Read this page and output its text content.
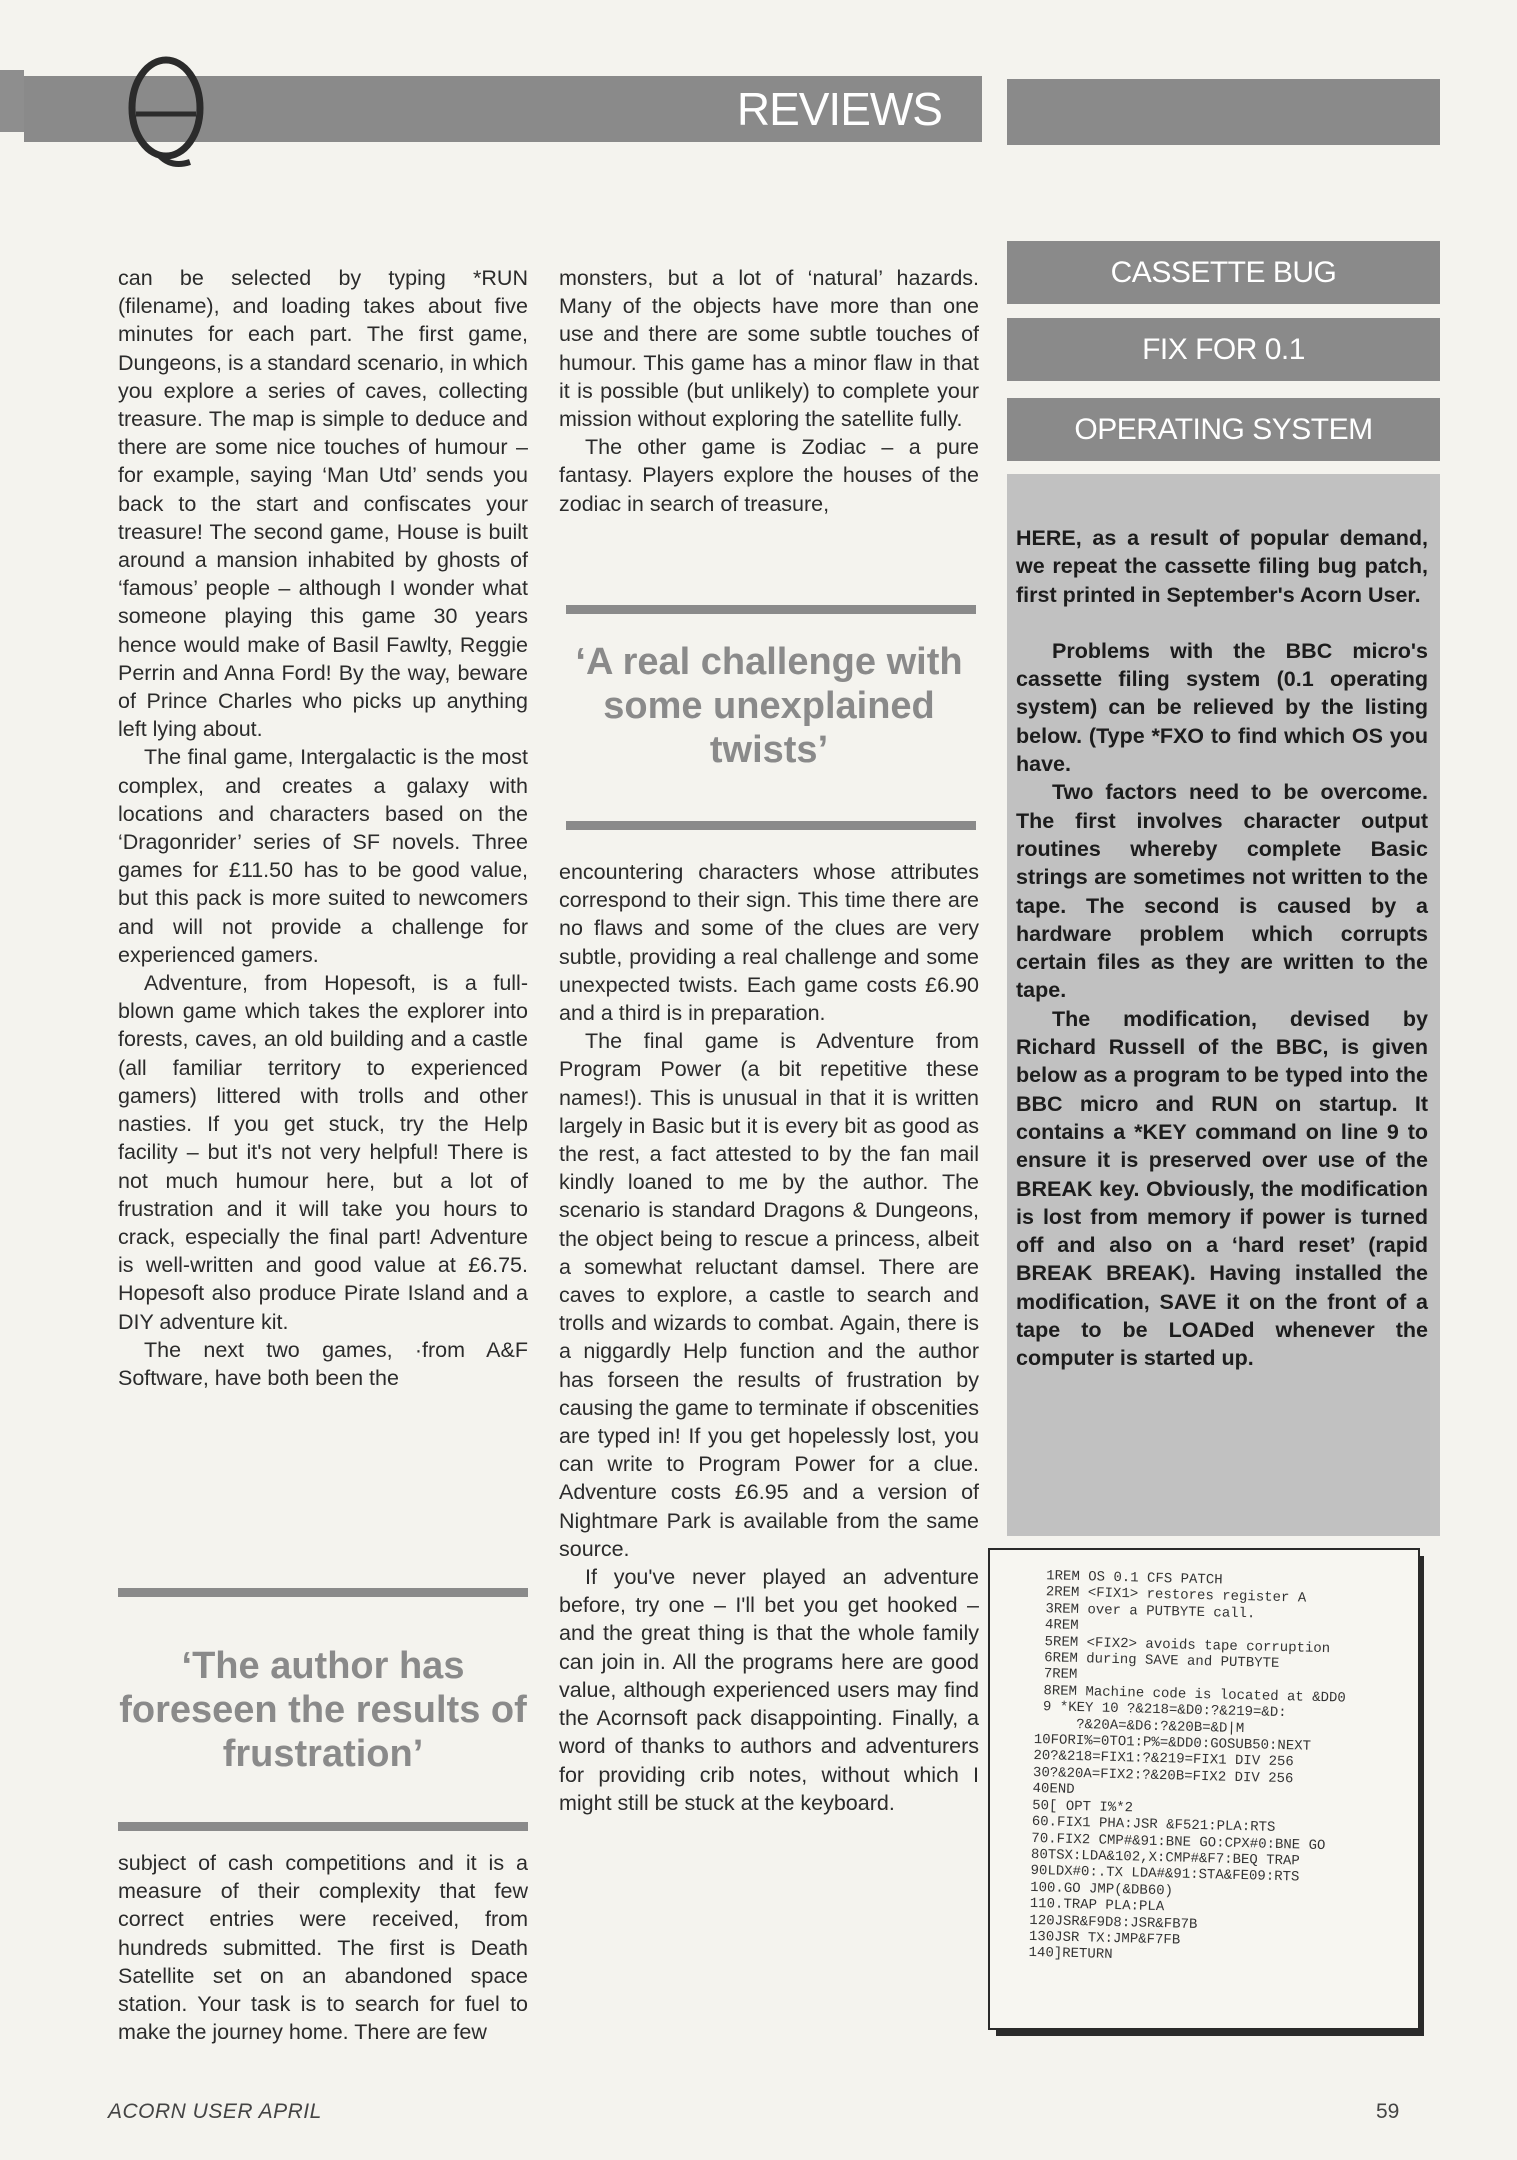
REVIEWS

can be selected by typing *RUN (filename), and loading takes about five minutes for each part. The first game, Dungeons, is a standard scenario, in which you explore a series of caves, collecting treasure. The map is simple to deduce and there are some nice touches of humour – for example, saying ‘Man Utd’ sends you back to the start and confiscates your treasure! The second game, House is built around a mansion inhabited by ghosts of ‘famous’ people – although I wonder what someone playing this game 30 years hence would make of Basil Fawlty, Reggie Perrin and Anna Ford! By the way, beware of Prince Charles who picks up anything left lying about.

The final game, Intergalactic is the most complex, and creates a galaxy with locations and characters based on the ‘Dragonrider’ series of SF novels. Three games for £11.50 has to be good value, but this pack is more suited to newcomers and will not provide a challenge for experienced gamers.

Adventure, from Hopesoft, is a full-blown game which takes the explorer into forests, caves, an old building and a castle (all familiar territory to experienced gamers) littered with trolls and other nasties. If you get stuck, try the Help facility – but it's not very helpful! There is not much humour here, but a lot of frustration and it will take you hours to crack, especially the final part! Adventure is well-written and good value at £6.75. Hopesoft also produce Pirate Island and a DIY adventure kit.

The next two games, ·from A&F Software, have both been the

‘The author has foreseen the results of frustration’

subject of cash competitions and it is a measure of their complexity that few correct entries were received, from hundreds submitted. The first is Death Satellite set on an abandoned space station. Your task is to search for fuel to make the journey home. There are few

monsters, but a lot of ‘natural’ hazards. Many of the objects have more than one use and there are some subtle touches of humour. This game has a minor flaw in that it is possible (but unlikely) to complete your mission without exploring the satellite fully.

The other game is Zodiac – a pure fantasy. Players explore the houses of the zodiac in search of treasure,

‘A real challenge with some unexplained twists’

encountering characters whose attributes correspond to their sign. This time there are no flaws and some of the clues are very subtle, providing a real challenge and some unexpected twists. Each game costs £6.90 and a third is in preparation.

The final game is Adventure from Program Power (a bit repetitive these names!). This is unusual in that it is written largely in Basic but it is every bit as good as the rest, a fact attested to by the fan mail kindly loaned to me by the author. The scenario is standard Dragons & Dungeons, the object being to rescue a princess, albeit a somewhat reluctant damsel. There are caves to explore, a castle to search and trolls and wizards to combat. Again, there is a niggardly Help function and the author has forseen the results of frustration by causing the game to terminate if obscenities are typed in! If you get hopelessly lost, you can write to Program Power for a clue. Adventure costs £6.95 and a version of Nightmare Park is available from the same source.

If you've never played an adventure before, try one – I'll bet you get hooked – and the great thing is that the whole family can join in. All the programs here are good value, although experienced users may find the Acornsoft pack disappointing. Finally, a word of thanks to authors and adventurers for providing crib notes, without which I might still be stuck at the keyboard.

CASSETTE BUG
FIX FOR 0.1
OPERATING SYSTEM

HERE, as a result of popular demand, we repeat the cassette filing bug patch, first printed in September's Acorn User.

Problems with the BBC micro's cassette filing system (0.1 operating system) can be relieved by the listing below. (Type *FXO to find which OS you have.

Two factors need to be overcome. The first involves character output routines whereby complete Basic strings are sometimes not written to the tape. The second is caused by a hardware problem which corrupts certain files as they are written to the tape.

The modification, devised by Richard Russell of the BBC, is given below as a program to be typed into the BBC micro and RUN on startup. It contains a *KEY command on line 9 to ensure it is preserved over use of the BREAK key. Obviously, the modification is lost from memory if power is turned off and also on a ‘hard reset’ (rapid BREAK BREAK). Having installed the modification, SAVE it on the front of a tape to be LOADed whenever the computer is started up.

1REM OS 0.1 CFS PATCH
2REM <FIX1> restores register A
3REM over a PUTBYTE call.
4REM
5REM <FIX2> avoids tape corruption
6REM during SAVE and PUTBYTE
7REM
8REM Machine code is located at &DD0
9 *KEY 10 ?&218=&D0:?&219=&D:
?&20A=&D6:?&20B=&D|M
10FORI%=0TO1:P%=&DD0:GOSUB50:NEXT
20?&218=FIX1:?&219=FIX1 DIV 256
30?&20A=FIX2:?&20B=FIX2 DIV 256
40END
50[ OPT I%*2
60.FIX1 PHA:JSR &F521:PLA:RTS
70.FIX2 CMP#&91:BNE GO:CPX#0:BNE GO
80TSX:LDA&102,X:CMP#&F7:BEQ TRAP
90LDX#0:.TX LDA#&91:STA&FE09:RTS
100.GO JMP(&DB60)
110.TRAP PLA:PLA
120JSR&F9D8:JSR&FB7B
130JSR TX:JMP&F7FB
140]RETURN

ACORN USER APRIL	59
